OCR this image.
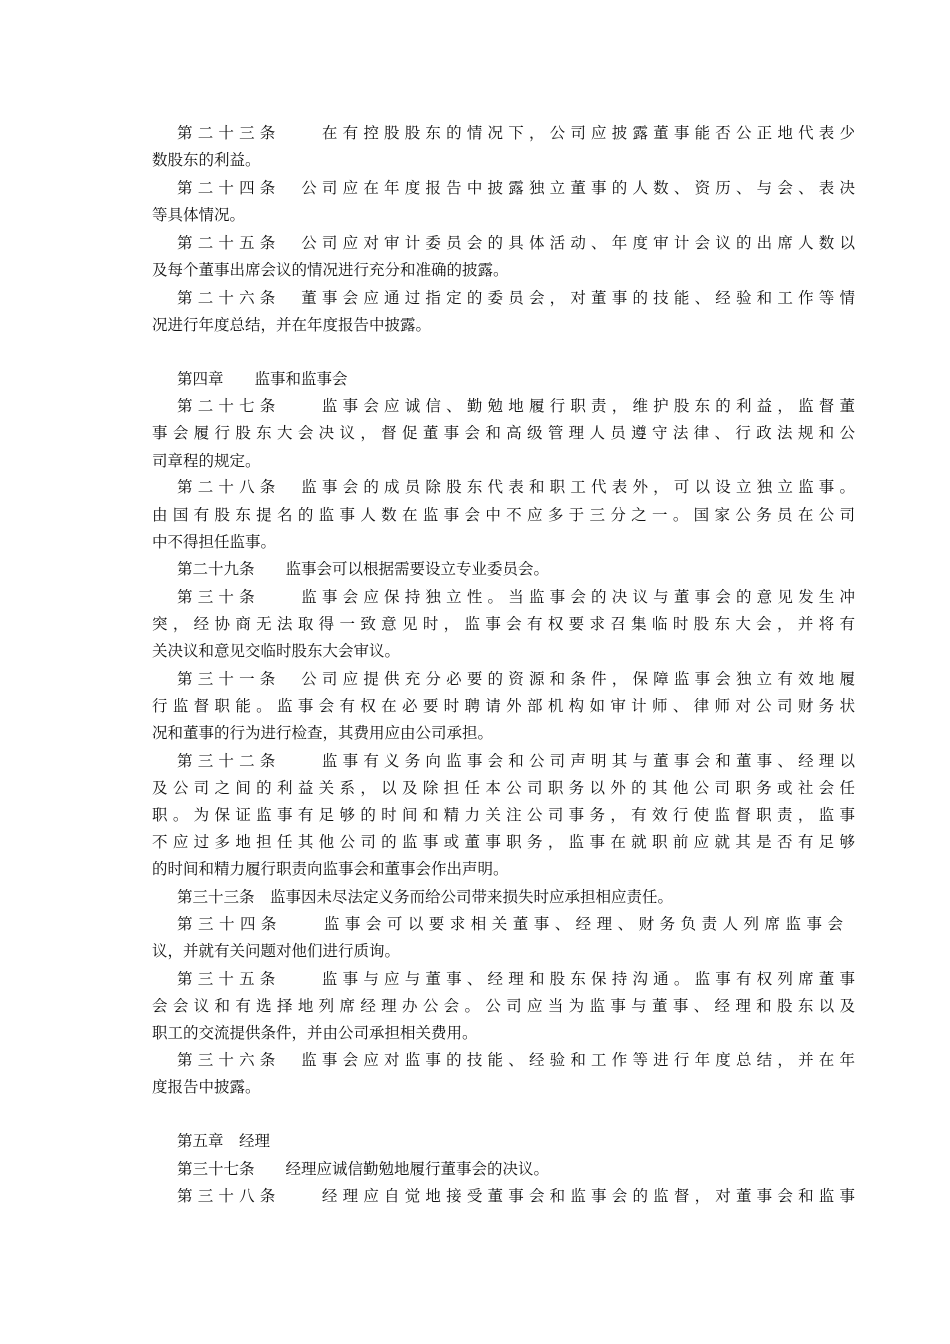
第二十三条　　在有控股股东的情况下，公司应披露董事能否公正地代表少
数股东的利益。
第二十四条　公司应在年度报告中披露独立董事的人数、资历、与会、表决
等具体情况。
第二十五条　公司应对审计委员会的具体活动、年度审计会议的出席人数以
及每个董事出席会议的情况进行充分和准确的披露。
第二十六条　董事会应通过指定的委员会，对董事的技能、经验和工作等情
况进行年度总结，并在年度报告中披露。
第四章　　监事和监事会
第二十七条　　监事会应诚信、勤勉地履行职责，维护股东的利益，监督董
事会履行股东大会决议，督促董事会和高级管理人员遵守法律、行政法规和公
司章程的规定。
第二十八条　监事会的成员除股东代表和职工代表外，可以设立独立监事。
由国有股东提名的监事人数在监事会中不应多于三分之一。国家公务员在公司
中不得担任监事。
第二十九条　　监事会可以根据需要设立专业委员会。
第三十条　　监事会应保持独立性。当监事会的决议与董事会的意见发生冲
突，经协商无法取得一致意见时，监事会有权要求召集临时股东大会，并将有
关决议和意见交临时股东大会审议。
第三十一条　公司应提供充分必要的资源和条件，保障监事会独立有效地履
行监督职能。监事会有权在必要时聘请外部机构如审计师、律师对公司财务状
况和董事的行为进行检查，其费用应由公司承担。
第三十二条　　监事有义务向监事会和公司声明其与董事会和董事、经理以
及公司之间的利益关系，以及除担任本公司职务以外的其他公司职务或社会任
职。为保证监事有足够的时间和精力关注公司事务，有效行使监督职责，监事
不应过多地担任其他公司的监事或董事职务，监事在就职前应就其是否有足够
的时间和精力履行职责向监事会和董事会作出声明。
第三十三条　监事因未尽法定义务而给公司带来损失时应承担相应责任。
第三十四条　　监事会可以要求相关董事、经理、财务负责人列席监事会
议，并就有关问题对他们进行质询。
第三十五条　　监事与应与董事、经理和股东保持沟通。监事有权列席董事
会会议和有选择地列席经理办公会。公司应当为监事与董事、经理和股东以及
职工的交流提供条件，并由公司承担相关费用。
第三十六条　监事会应对监事的技能、经验和工作等进行年度总结，并在年
度报告中披露。
第五章　经理
第三十七条　　经理应诚信勤勉地履行董事会的决议。
第三十八条　　经理应自觉地接受董事会和监事会的监督，对董事会和监事
